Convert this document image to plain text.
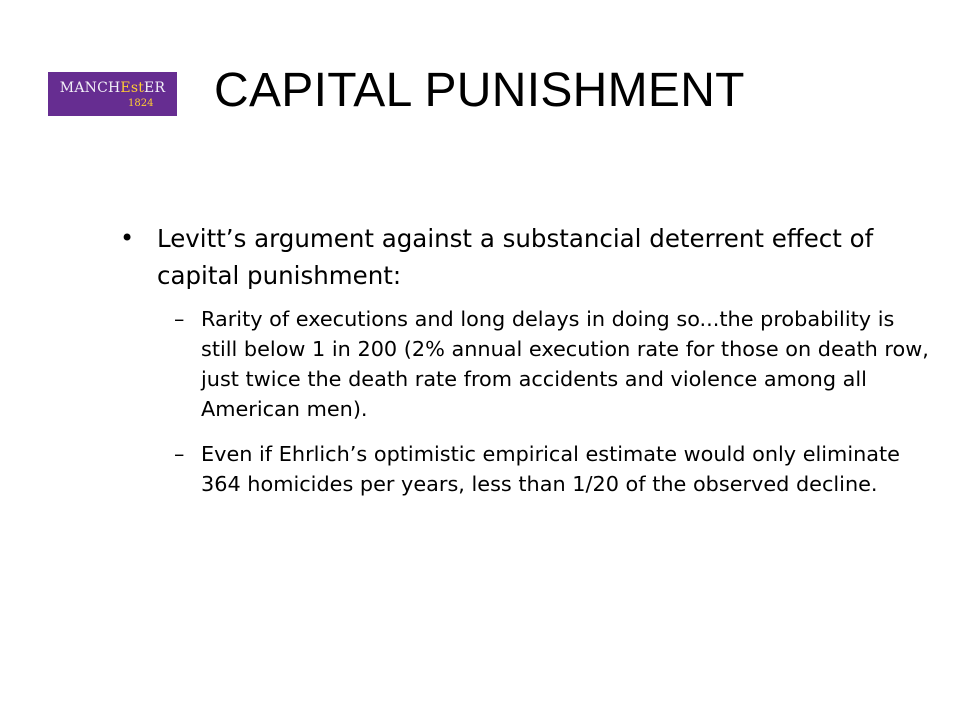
MANCHEstER
1824 CAPITAL PUNISHMENT
• Levitt’s argument against a substancial deterrent effect of capital punishment:
– Rarity of executions and long delays in doing so...the probability is still below 1 in 200 (2% annual execution rate for those on death row, just twice the death rate from accidents and violence among all American men).
– Even if Ehrlich’s optimistic empirical estimate would only eliminate 364 homicides per years, less than 1/20 of the observed decline.
